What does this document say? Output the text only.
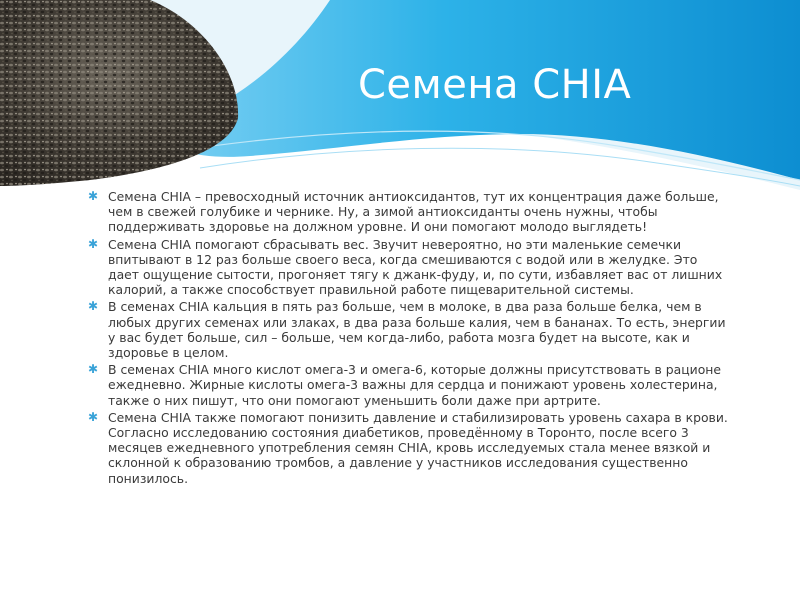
Семена CHIA
✱ Семена CHIA – превосходный источник антиоксидантов, тут их концентрация даже больше, чем в свежей голубике и чернике. Ну, а зимой антиоксиданты очень нужны, чтобы поддерживать здоровье на должном уровне. И они помогают молодо выглядеть!
✱ Семена CHIA помогают сбрасывать вес. Звучит невероятно, но эти маленькие семечки впитывают в 12 раз больше своего веса, когда смешиваются с водой или в желудке. Это дает ощущение сытости, прогоняет тягу к джанк-фуду, и, по сути, избавляет вас от лишних калорий, а также способствует правильной работе пищеварительной системы.
✱ В семенах CHIA кальция в пять раз больше, чем в молоке, в два раза больше белка, чем в любых других семенах или злаках, в два раза больше калия, чем в бананах. То есть, энергии у вас будет больше, сил – больше, чем когда-либо, работа мозга будет на высоте, как и здоровье в целом.
✱ В семенах CHIA много кислот омега-3 и омега-6, которые должны присутствовать в рационе ежедневно. Жирные кислоты омега-3 важны для сердца и понижают уровень холестерина, также о них пишут, что они помогают уменьшить боли даже при артрите.
✱ Семена CHIA также помогают понизить давление и стабилизировать уровень сахара в крови. Согласно исследованию состояния диабетиков, проведённому в Торонто, после всего 3 месяцев ежедневного употребления семян CHIA, кровь исследуемых стала менее вязкой и склонной к образованию тромбов, а давление у участников исследования существенно понизилось.
